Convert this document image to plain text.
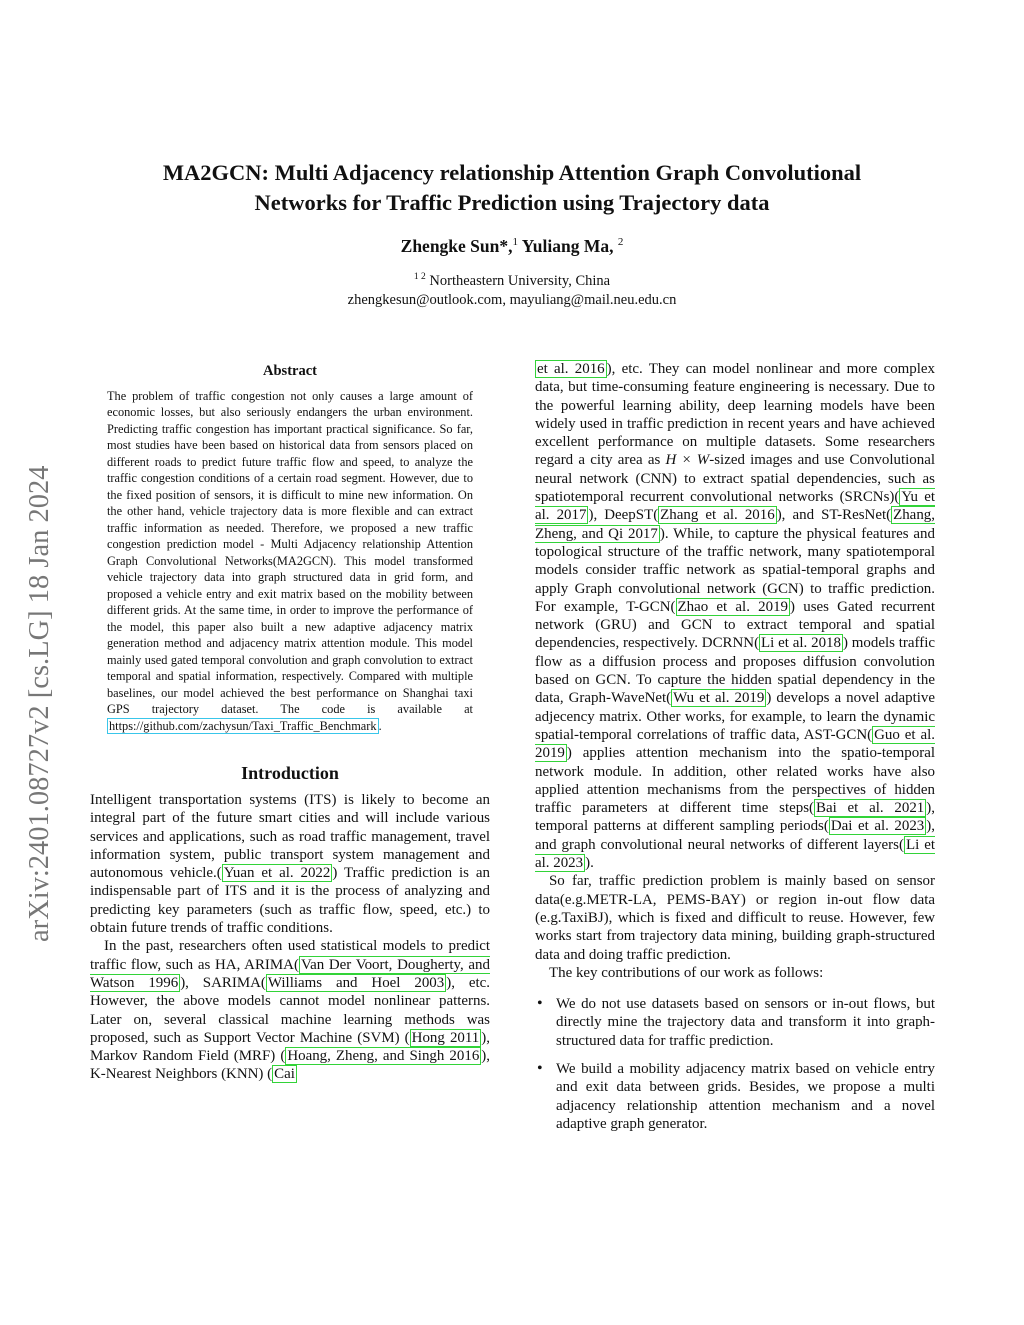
arXiv:2401.08727v2 [cs.LG] 18 Jan 2024
MA2GCN: Multi Adjacency relationship Attention Graph Convolutional
Networks for Traffic Prediction using Trajectory data
Zhengke Sun*,$^1$ Yuliang Ma, $^2$
$^{1 2}$ Northeastern University, China
zhengkesun@outlook.com, mayuliang@mail.neu.edu.cn
Abstract

The problem of traffic congestion not only causes a large amount of economic losses, but also seriously endangers the urban environment. Predicting traffic congestion has important practical significance. So far, most studies have been based on historical data from sensors placed on different roads to predict future traffic flow and speed, to analyze the traffic congestion conditions of a certain road segment. However, due to the fixed position of sensors, it is difficult to mine new information. On the other hand, vehicle trajectory data is more flexible and can extract traffic information as needed. Therefore, we proposed a new traffic congestion prediction model - Multi Adjacency relationship Attention Graph Convolutional Networks(MA2GCN). This model transformed vehicle trajectory data into graph structured data in grid form, and proposed a vehicle entry and exit matrix based on the mobility between different grids. At the same time, in order to improve the performance of the model, this paper also built a new adaptive adjacency matrix generation method and adjacency matrix attention module. This model mainly used gated temporal convolution and graph convolution to extract temporal and spatial information, respectively. Compared with multiple baselines, our model achieved the best performance on Shanghai taxi GPS trajectory dataset. The code is available at https://github.com/zachysun/Taxi_Traffic_Benchmark .

Introduction

Intelligent transportation systems (ITS) is likely to become an integral part of the future smart cities and will include various services and applications, such as road traffic management, travel information system, public transport system management and autonomous vehicle.( Yuan et al. 2022 ) Traffic prediction is an indispensable part of ITS and it is the process of analyzing and predicting key parameters (such as traffic flow, speed, etc.) to obtain future trends of traffic conditions.

In the past, researchers often used statistical models to predict traffic flow, such as HA, ARIMA( Van Der Voort, Dougherty, and Watson 1996 ), SARIMA( Williams and Hoel 2003 ), etc. However, the above models cannot model nonlinear patterns. Later on, several classical machine learning methods was proposed, such as Support Vector Machine (SVM) ( Hong 2011 ), Markov Random Field (MRF) ( Hoang, Zheng, and Singh 2016 ), K-Nearest Neighbors (KNN) ( Cai

et al. 2016 ), etc. They can model nonlinear and more complex data, but time-consuming feature engineering is necessary. Due to the powerful learning ability, deep learning models have been widely used in traffic prediction in recent years and have achieved excellent performance on multiple datasets. Some researchers regard a city area as H × W-sized images and use Convolutional neural network (CNN) to extract spatial dependencies, such as spatiotemporal recurrent convolutional networks (SRCNs)( Yu et al. 2017 ), DeepST( Zhang et al. 2016 ), and ST-ResNet( Zhang, Zheng, and Qi 2017 ). While, to capture the physical features and topological structure of the traffic network, many spatiotemporal models consider traffic network as spatial-temporal graphs and apply Graph convolutional network (GCN) to traffic prediction. For example, T-GCN( Zhao et al. 2019 ) uses Gated recurrent network (GRU) and GCN to extract temporal and spatial dependencies, respectively. DCRNN( Li et al. 2018 ) models traffic flow as a diffusion process and proposes diffusion convolution based on GCN. To capture the hidden spatial dependency in the data, Graph-WaveNet( Wu et al. 2019 ) develops a novel adaptive adjecency matrix. Other works, for example, to learn the dynamic spatial-temporal correlations of traffic data, AST-GCN( Guo et al. 2019 ) applies attention mechanism into the spatio-temporal network module. In addition, other related works have also applied attention mechanisms from the perspectives of hidden traffic parameters at different time steps( Bai et al. 2021 ), temporal patterns at different sampling periods( Dai et al. 2023 ), and graph convolutional neural networks of different layers( Li et al. 2023 ).

So far, traffic prediction problem is mainly based on sensor data(e.g.METR-LA, PEMS-BAY) or region in-out flow data (e.g.TaxiBJ), which is fixed and difficult to reuse. However, few works start from trajectory data mining, building graph-structured data and doing traffic prediction.

The key contributions of our work as follows:

• We do not use datasets based on sensors or in-out flows, but directly mine the trajectory data and transform it into graph-structured data for traffic prediction.
• We build a mobility adjacency matrix based on vehicle entry and exit data between grids. Besides, we propose a multi adjacency relationship attention mechanism and a novel adaptive graph generator.
